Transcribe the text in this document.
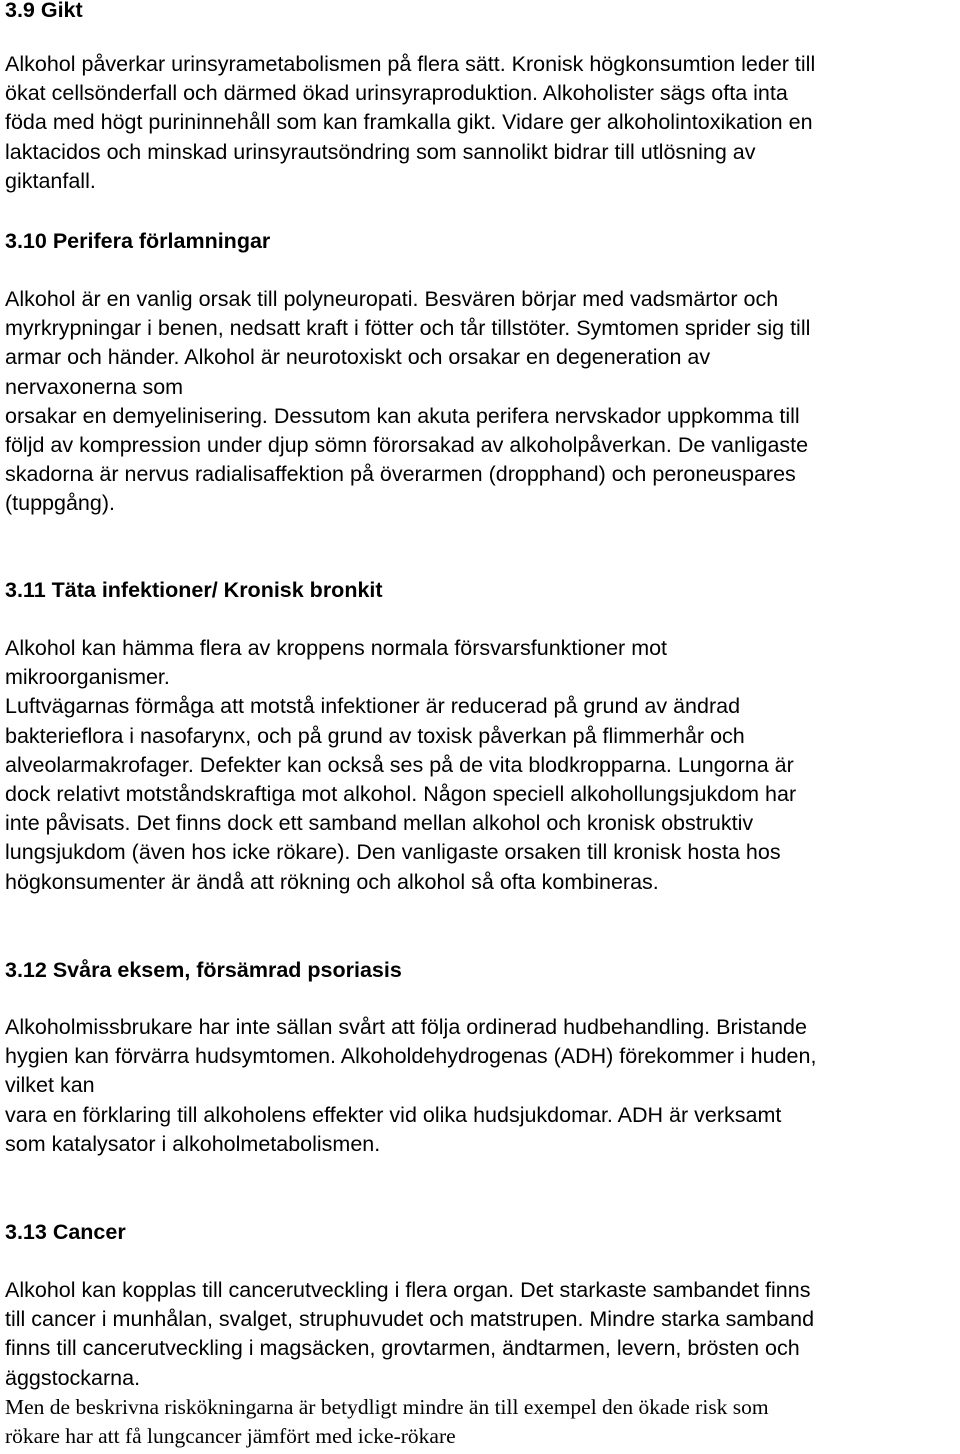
3.9 Gikt
Alkohol påverkar urinsyrametabolismen på flera sätt. Kronisk högkonsumtion leder till
ökat cellsönderfall och därmed ökad urinsyraproduktion. Alkoholister sägs ofta inta
föda med högt purininnehåll som kan framkalla gikt. Vidare ger alkoholintoxikation en
laktacidos och minskad urinsyrautsöndring som sannolikt bidrar till utlösning av
giktanfall.
3.10 Perifera förlamningar
Alkohol är en vanlig orsak till polyneuropati. Besvären börjar med vadsmärtor och
myrkrypningar i benen, nedsatt kraft i fötter och tår tillstöter. Symtomen sprider sig till
armar och händer. Alkohol är neurotoxiskt och orsakar en degeneration av
nervaxonerna som
orsakar en demyelinisering. Dessutom kan akuta perifera nervskador uppkomma till
följd av kompression under djup sömn förorsakad av alkoholpåverkan. De vanligaste
skadorna är nervus radialisaffektion på överarmen (dropphand) och peroneuspares
(tuppgång).
3.11 Täta infektioner/ Kronisk bronkit
Alkohol kan hämma flera av kroppens normala försvarsfunktioner mot
mikroorganismer.
Luftvägarnas förmåga att motstå infektioner är reducerad på grund av ändrad
bakterieflora i nasofarynx, och på grund av toxisk påverkan på flimmerhår och
alveolarmakrofager. Defekter kan också ses på de vita blodkropparna. Lungorna är
dock relativt motståndskraftiga mot alkohol. Någon speciell alkohollungsjukdom har
inte påvisats. Det finns dock ett samband mellan alkohol och kronisk obstruktiv
lungsjukdom (även hos icke rökare). Den vanligaste orsaken till kronisk hosta hos
högkonsumenter är ändå att rökning och alkohol så ofta kombineras.
3.12 Svåra eksem, försämrad psoriasis
Alkoholmissbrukare har inte sällan svårt att följa ordinerad hudbehandling. Bristande
hygien kan förvärra hudsymtomen. Alkoholdehydrogenas (ADH) förekommer i huden,
vilket kan
vara en förklaring till alkoholens effekter vid olika hudsjukdomar. ADH är verksamt
som katalysator i alkoholmetabolismen.
3.13 Cancer
Alkohol kan kopplas till cancerutveckling i flera organ. Det starkaste sambandet finns
till cancer i munhålan, svalget, struphuvudet och matstrupen. Mindre starka samband
finns till cancerutveckling i magsäcken, grovtarmen, ändtarmen, levern, brösten och
äggstockarna.
Men de beskrivna riskökningarna är betydligt mindre än till exempel den ökade risk som
rökare har att få lungcancer jämfört med icke-rökare
